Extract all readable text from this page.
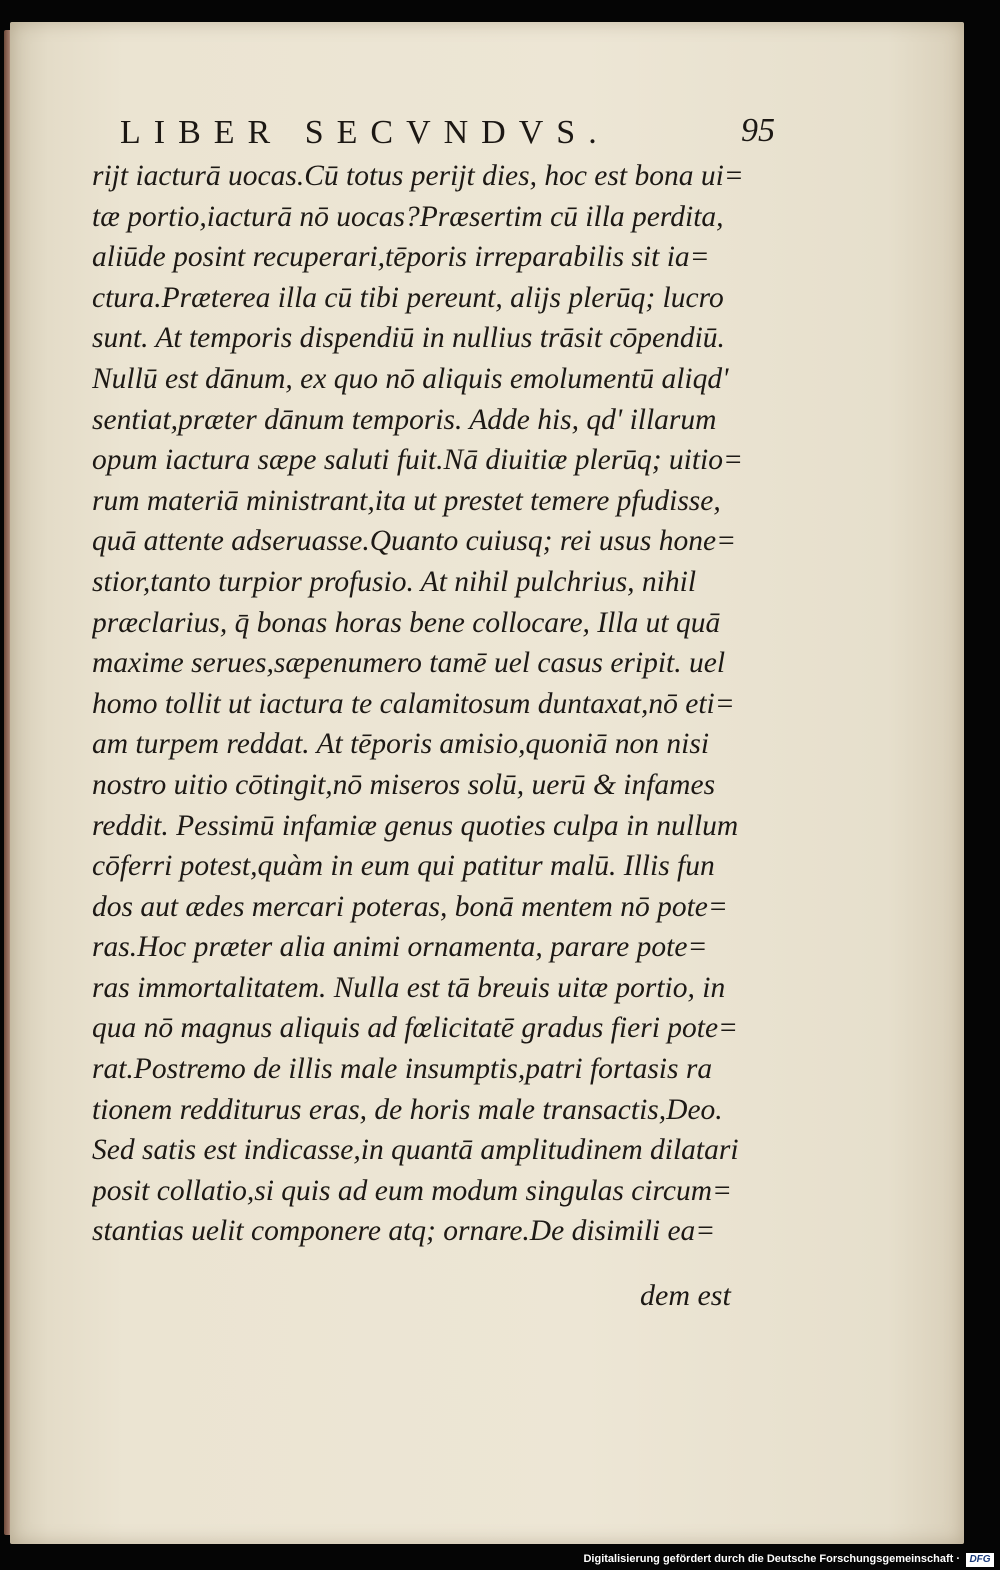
LIBER SECVNDVS.	95
rijt iacturā uocas.Cū totus perijt dies, hoc est bona ui=
tæ portio,iacturā nō uocas?Præsertim cū illa perdita,
aliūde posint recuperari,tēporis irreparabilis sit ia=
ctura.Præterea illa cū tibi pereunt, alijs plerūq; lucro
sunt. At temporis dispendiū in nullius trāsit cōpendiū.
Nullū est dānum, ex quo nō aliquis emolumentū aliqd'
sentiat,præter dānum temporis. Adde his, qd' illarum
opum iactura sæpe saluti fuit.Nā diuitiæ plerūq; uitio=
rum materiā ministrant,ita ut prestet temere pfudisse,
quā attente adseruasse.Quanto cuiusq; rei usus hone=
stior,tanto turpior profusio. At nihil pulchrius, nihil
præclarius, q̄ bonas horas bene collocare, Illa ut quā
maxime serues,sæpenumero tamē uel casus eripit. uel
homo tollit ut iactura te calamitosum duntaxat,nō eti=
am turpem reddat. At tēporis amisio,quoniā non nisi
nostro uitio cōtingit,nō miseros solū, uerū & infames
reddit. Pessimū infamiæ genus quoties culpa in nullum
cōferri potest,quàm in eum qui patitur malū. Illis fun
dos aut ædes mercari poteras, bonā mentem nō pote=
ras.Hoc præter alia animi ornamenta, parare pote=
ras immortalitatem. Nulla est tā breuis uitæ portio, in
qua nō magnus aliquis ad fœlicitatē gradus fieri pote=
rat.Postremo de illis male insumptis,patri fortasis ra
tionem redditurus eras, de horis male transactis,Deo.
Sed satis est indicasse,in quantā amplitudinem dilatari
posit collatio,si quis ad eum modum singulas circum=
stantias uelit componere atq; ornare.De disimili ea=
dem est
Digitalisierung gefördert durch die Deutsche Forschungsgemeinschaft · DFG
